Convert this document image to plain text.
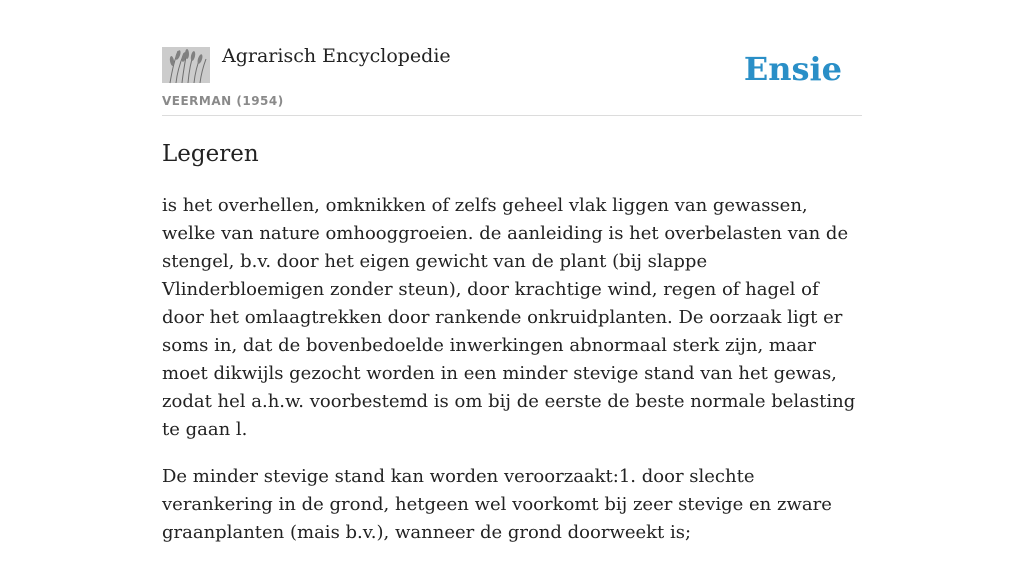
Agrarisch Encyclopedie
VEERMAN (1954)
Ensie
Legeren

is het overhellen, omknikken of zelfs geheel vlak liggen van gewassen, welke van nature omhooggroeien. de aanleiding is het overbelasten van de stengel, b.v. door het eigen gewicht van de plant (bij slappe Vlinderbloemigen zonder steun), door krachtige wind, regen of hagel of door het omlaagtrekken door rankende onkruidplanten. De oorzaak ligt er soms in, dat de bovenbedoelde inwerkingen abnormaal sterk zijn, maar moet dikwijls gezocht worden in een minder stevige stand van het gewas, zodat hel a.h.w. voorbestemd is om bij de eerste de beste normale belasting te gaan l.

De minder stevige stand kan worden veroorzaakt:1. door slechte verankering in de grond, hetgeen wel voorkomt bij zeer stevige en zware graanplanten (mais b.v.), wanneer de grond doorweekt is;
